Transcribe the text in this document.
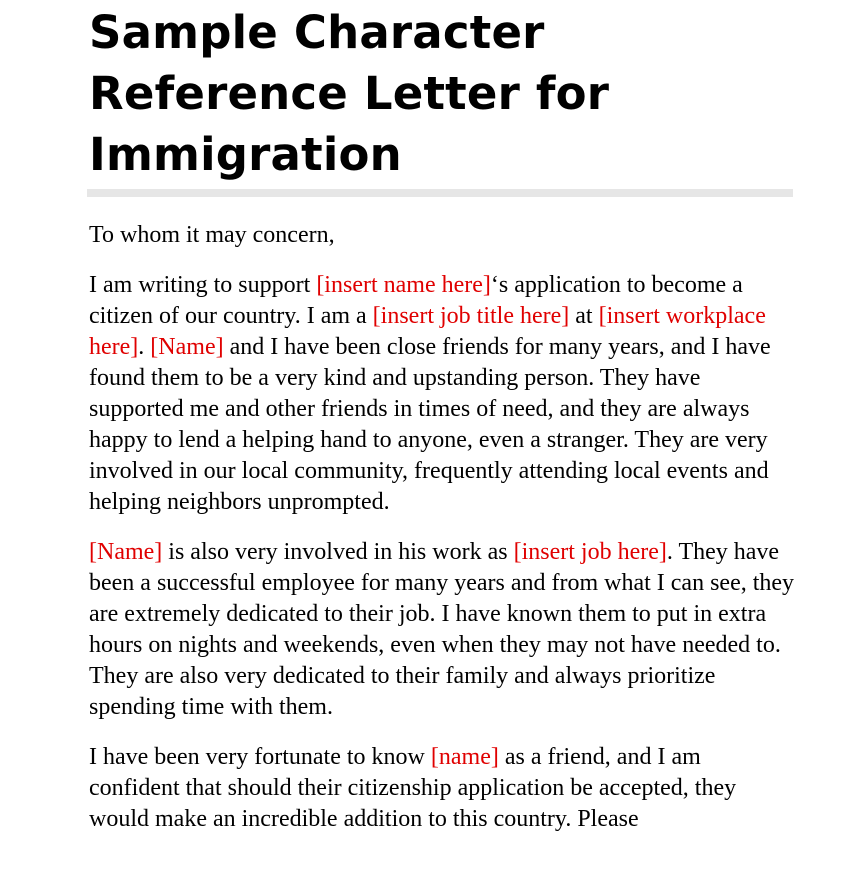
Sample Character Reference Letter for Immigration

To whom it may concern,

I am writing to support [insert name here]‘s application to become a citizen of our country. I am a [insert job title here] at [insert workplace here]. [Name] and I have been close friends for many years, and I have found them to be a very kind and upstanding person. They have supported me and other friends in times of need, and they are always happy to lend a helping hand to anyone, even a stranger. They are very involved in our local community, frequently attending local events and helping neighbors unprompted.

[Name] is also very involved in his work as [insert job here]. They have been a successful employee for many years and from what I can see, they are extremely dedicated to their job. I have known them to put in extra hours on nights and weekends, even when they may not have needed to. They are also very dedicated to their family and always prioritize spending time with them.

I have been very fortunate to know [name] as a friend, and I am confident that should their citizenship application be accepted, they would make an incredible addition to this country. Please
